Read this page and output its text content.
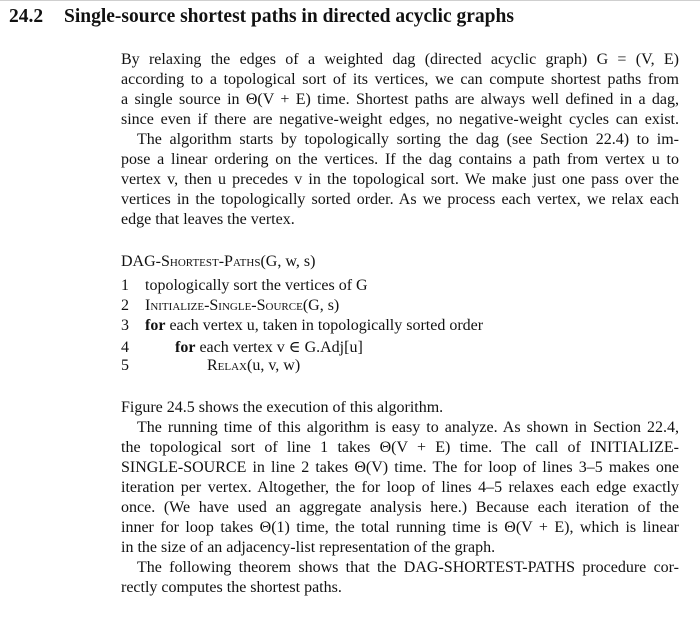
24.2 Single-source shortest paths in directed acyclic graphs
By relaxing the edges of a weighted dag (directed acyclic graph) G = (V, E)
according to a topological sort of its vertices, we can compute shortest paths from
a single source in Θ(V + E) time. Shortest paths are always well defined in a dag,
since even if there are negative-weight edges, no negative-weight cycles can exist.
The algorithm starts by topologically sorting the dag (see Section 22.4) to im-
pose a linear ordering on the vertices. If the dag contains a path from vertex u to
vertex v, then u precedes v in the topological sort. We make just one pass over the
vertices in the topologically sorted order. As we process each vertex, we relax each
edge that leaves the vertex.
DAG-Shortest-Paths(G, w, s)
1 topologically sort the vertices of G
2 Initialize-Single-Source(G, s)
3 for each vertex u, taken in topologically sorted order
4	for each vertex v ∈ G.Adj[u]
5	Relax(u, v, w)
Figure 24.5 shows the execution of this algorithm.
The running time of this algorithm is easy to analyze. As shown in Section 22.4,
the topological sort of line 1 takes Θ(V + E) time. The call of INITIALIZE-
SINGLE-SOURCE in line 2 takes Θ(V) time. The for loop of lines 3–5 makes one
iteration per vertex. Altogether, the for loop of lines 4–5 relaxes each edge exactly
once. (We have used an aggregate analysis here.) Because each iteration of the
inner for loop takes Θ(1) time, the total running time is Θ(V + E), which is linear
in the size of an adjacency-list representation of the graph.
The following theorem shows that the DAG-SHORTEST-PATHS procedure cor-
rectly computes the shortest paths.
